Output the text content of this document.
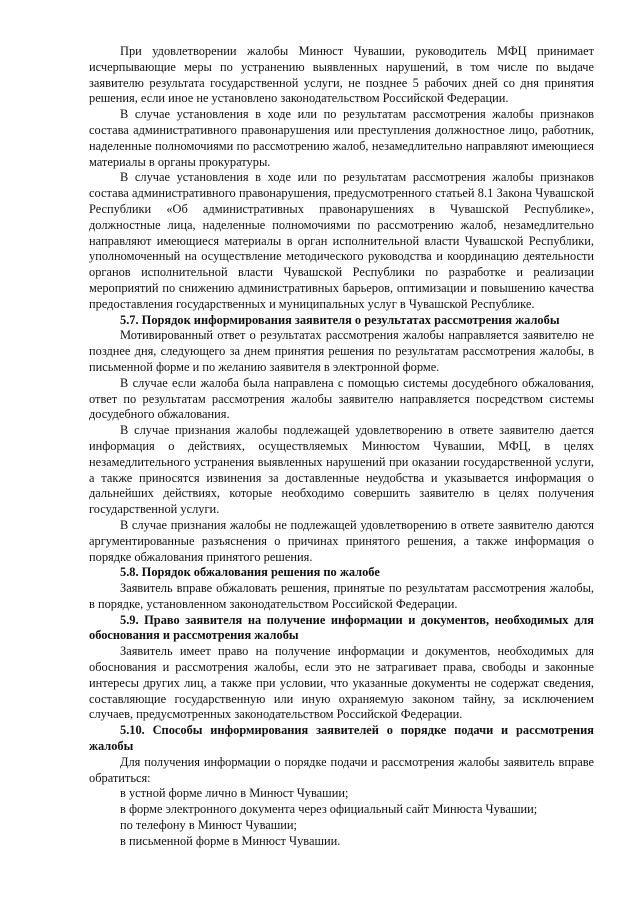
При удовлетворении жалобы Минюст Чувашии, руководитель МФЦ принимает исчерпывающие меры по устранению выявленных нарушений, в том числе по выдаче заявителю результата государственной услуги, не позднее 5 рабочих дней со дня принятия решения, если иное не установлено законодательством Российской Федерации.

В случае установления в ходе или по результатам рассмотрения жалобы признаков состава административного правонарушения или преступления должностное лицо, работник, наделенные полномочиями по рассмотрению жалоб, незамедлительно направляют имеющиеся материалы в органы прокуратуры.

В случае установления в ходе или по результатам рассмотрения жалобы признаков состава административного правонарушения, предусмотренного статьей 8.1 Закона Чувашской Республики «Об административных правонарушениях в Чувашской Республике», должностные лица, наделенные полномочиями по рассмотрению жалоб, незамедлительно направляют имеющиеся материалы в орган исполнительной власти Чувашской Республики, уполномоченный на осуществление методического руководства и координацию деятельности органов исполнительной власти Чувашской Республики по разработке и реализации мероприятий по снижению административных барьеров, оптимизации и повышению качества предоставления государственных и муниципальных услуг в Чувашской Республике.

5.7. Порядок информирования заявителя о результатах рассмотрения жалобы

Мотивированный ответ о результатах рассмотрения жалобы направляется заявителю не позднее дня, следующего за днем принятия решения по результатам рассмотрения жалобы, в письменной форме и по желанию заявителя в электронной форме.

В случае если жалоба была направлена с помощью системы досудебного обжалования, ответ по результатам рассмотрения жалобы заявителю направляется посредством системы досудебного обжалования.

В случае признания жалобы подлежащей удовлетворению в ответе заявителю дается информация о действиях, осуществляемых Минюстом Чувашии, МФЦ, в целях незамедлительного устранения выявленных нарушений при оказании государственной услуги, а также приносятся извинения за доставленные неудобства и указывается информация о дальнейших действиях, которые необходимо совершить заявителю в целях получения государственной услуги.

В случае признания жалобы не подлежащей удовлетворению в ответе заявителю даются аргументированные разъяснения о причинах принятого решения, а также информация о порядке обжалования принятого решения.

5.8. Порядок обжалования решения по жалобе

Заявитель вправе обжаловать решения, принятые по результатам рассмотрения жалобы, в порядке, установленном законодательством Российской Федерации.

5.9. Право заявителя на получение информации и документов, необходимых для обоснования и рассмотрения жалобы

Заявитель имеет право на получение информации и документов, необходимых для обоснования и рассмотрения жалобы, если это не затрагивает права, свободы и законные интересы других лиц, а также при условии, что указанные документы не содержат сведения, составляющие государственную или иную охраняемую законом тайну, за исключением случаев, предусмотренных законодательством Российской Федерации.

5.10. Способы информирования заявителей о порядке подачи и рассмотрения жалобы

Для получения информации о порядке подачи и рассмотрения жалобы заявитель вправе обратиться:

в устной форме лично в Минюст Чувашии;

в форме электронного документа через официальный сайт Минюста Чувашии;

по телефону в Минюст Чувашии;

в письменной форме в Минюст Чувашии.
